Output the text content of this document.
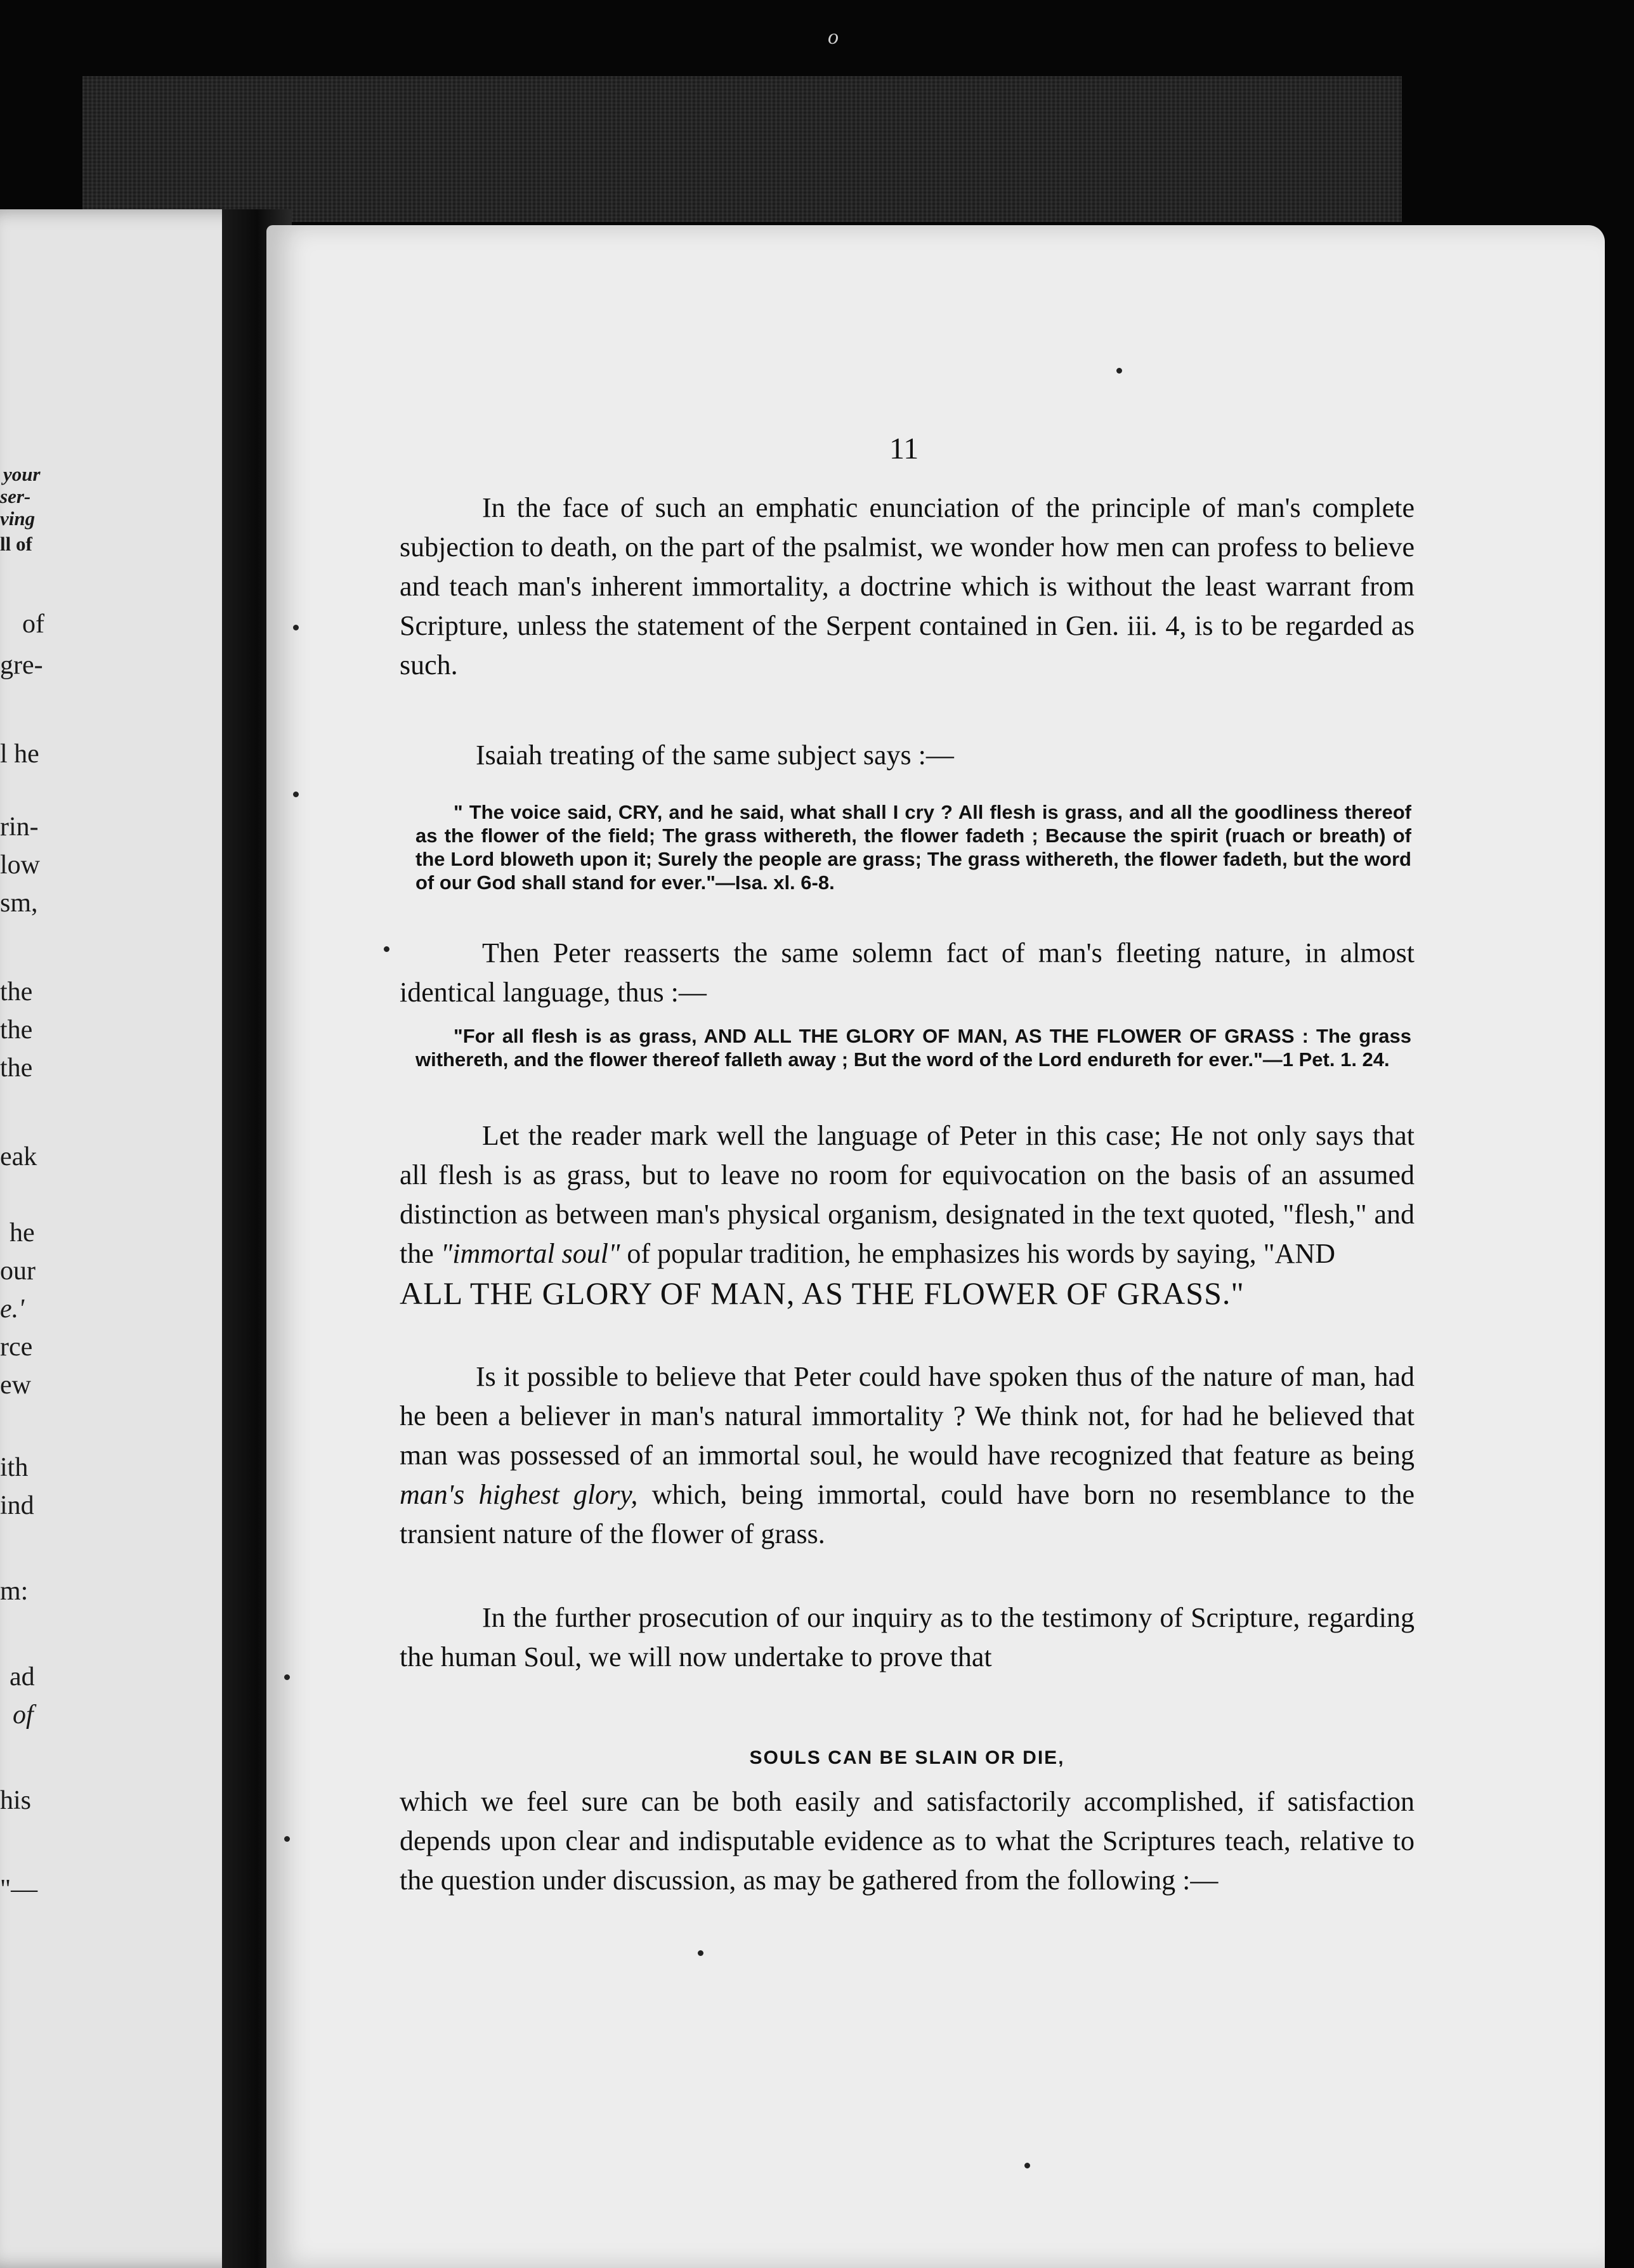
o
your
ser-
ving
ll of
of
gre-
l he
rin-
low
sm,
the
the
the
eak
he
our
e.'
rce
ew
ith
ind
m:
ad
of
his
"—
11

In the face of such an emphatic enunciation of the principle of man's complete subjection to death, on the part of the psalmist, we wonder how men can profess to believe and teach man's inherent immortality, a doctrine which is without the least warrant from Scripture, unless the statement of the Serpent contained in Gen. iii. 4, is to be regarded as such.

Isaiah treating of the same subject says :—

" The voice said, CRY, and he said, what shall I cry ? All flesh is grass, and all the goodliness thereof as the flower of the field; The grass withereth, the flower fadeth ; Because the spirit (ruach or breath) of the Lord bloweth upon it; Surely the people are grass; The grass withereth, the flower fadeth, but the word of our God shall stand for ever."—Isa. xl. 6-8.

Then Peter reasserts the same solemn fact of man's fleeting nature, in almost identical language, thus :—

"For all flesh is as grass, AND ALL THE GLORY OF MAN, AS THE FLOWER OF GRASS : The grass withereth, and the flower thereof falleth away ; But the word of the Lord endureth for ever."—1 Pet. 1. 24.

Let the reader mark well the language of Peter in this case; He not only says that all flesh is as grass, but to leave no room for equivocation on the basis of an assumed distinction as between man's physical organism, designated in the text quoted, "flesh," and the "immortal soul" of popular tradition, he emphasizes his words by saying, "AND
ALL THE GLORY OF MAN, AS THE FLOWER OF GRASS."

Is it possible to believe that Peter could have spoken thus of the nature of man, had he been a believer in man's natural immortality ? We think not, for had he believed that man was possessed of an immortal soul, he would have recognized that feature as being man's highest glory, which, being immortal, could have born no resemblance to the transient nature of the flower of grass.

In the further prosecution of our inquiry as to the testimony of Scripture, regarding the human Soul, we will now undertake to prove that

SOULS CAN BE SLAIN OR DIE,

which we feel sure can be both easily and satisfactorily accomplished, if satisfaction depends upon clear and indisputable evidence as to what the Scriptures teach, relative to the question under discussion, as may be gathered from the following :—
